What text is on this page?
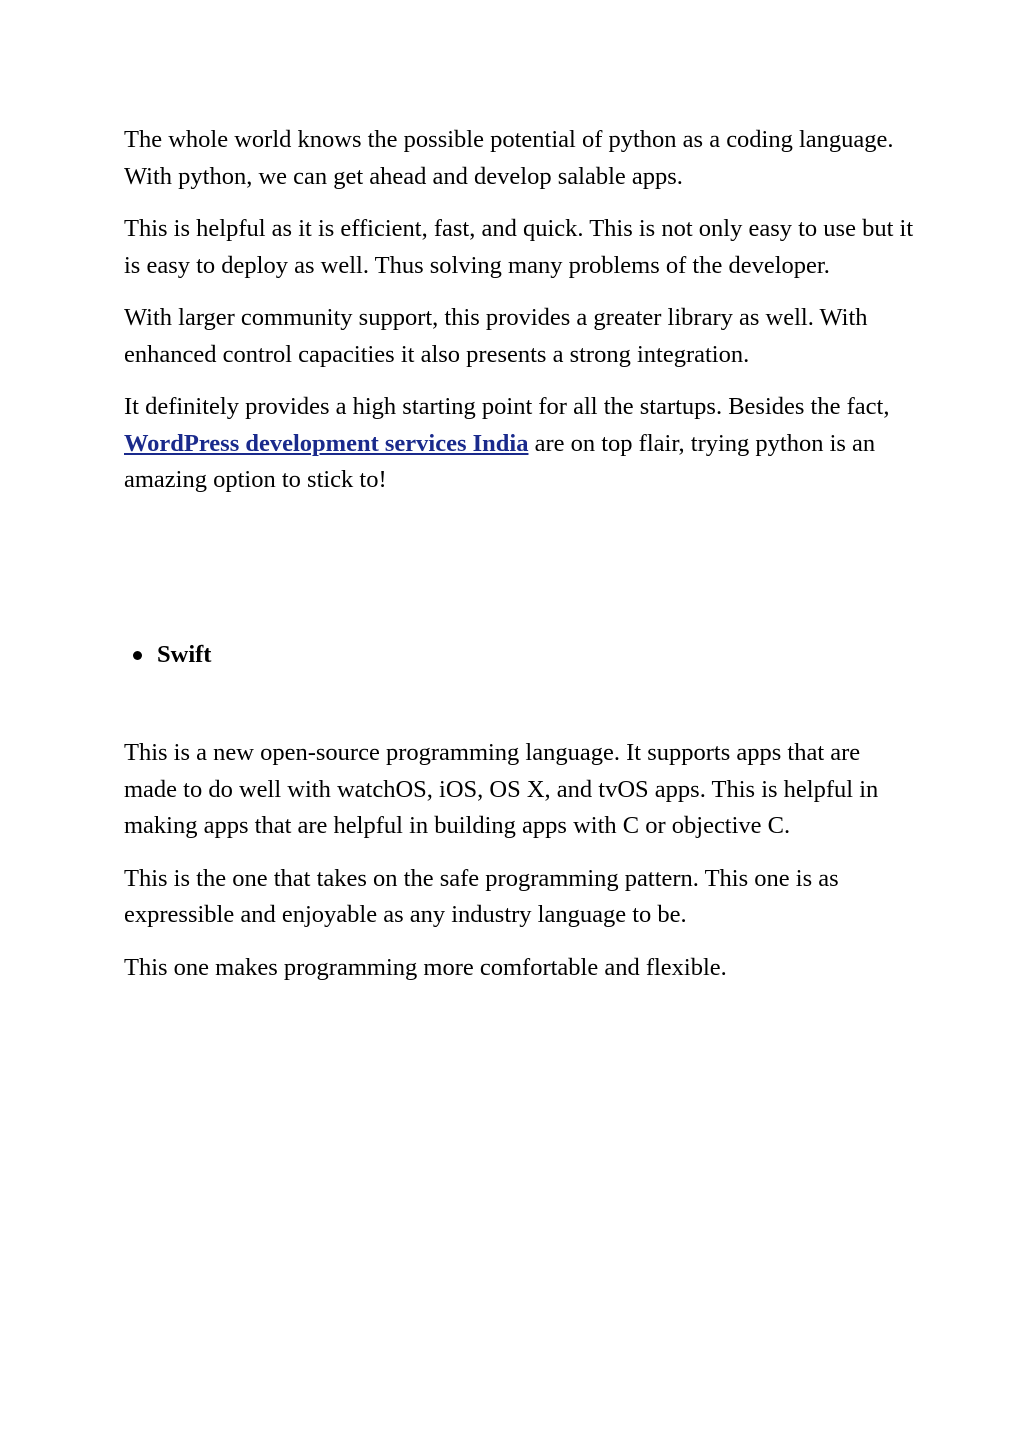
The whole world knows the possible potential of python as a coding language. With python, we can get ahead and develop salable apps.

This is helpful as it is efficient, fast, and quick. This is not only easy to use but it is easy to deploy as well. Thus solving many problems of the developer.

With larger community support, this provides a greater library as well. With enhanced control capacities it also presents a strong integration.

It definitely provides a high starting point for all the startups. Besides the fact, WordPress development services India are on top flair, trying python is an amazing option to stick to!

Swift

This is a new open-source programming language. It supports apps that are made to do well with watchOS, iOS, OS X, and tvOS apps. This is helpful in making apps that are helpful in building apps with C or objective C.

This is the one that takes on the safe programming pattern. This one is as expressible and enjoyable as any industry language to be.

This one makes programming more comfortable and flexible.
